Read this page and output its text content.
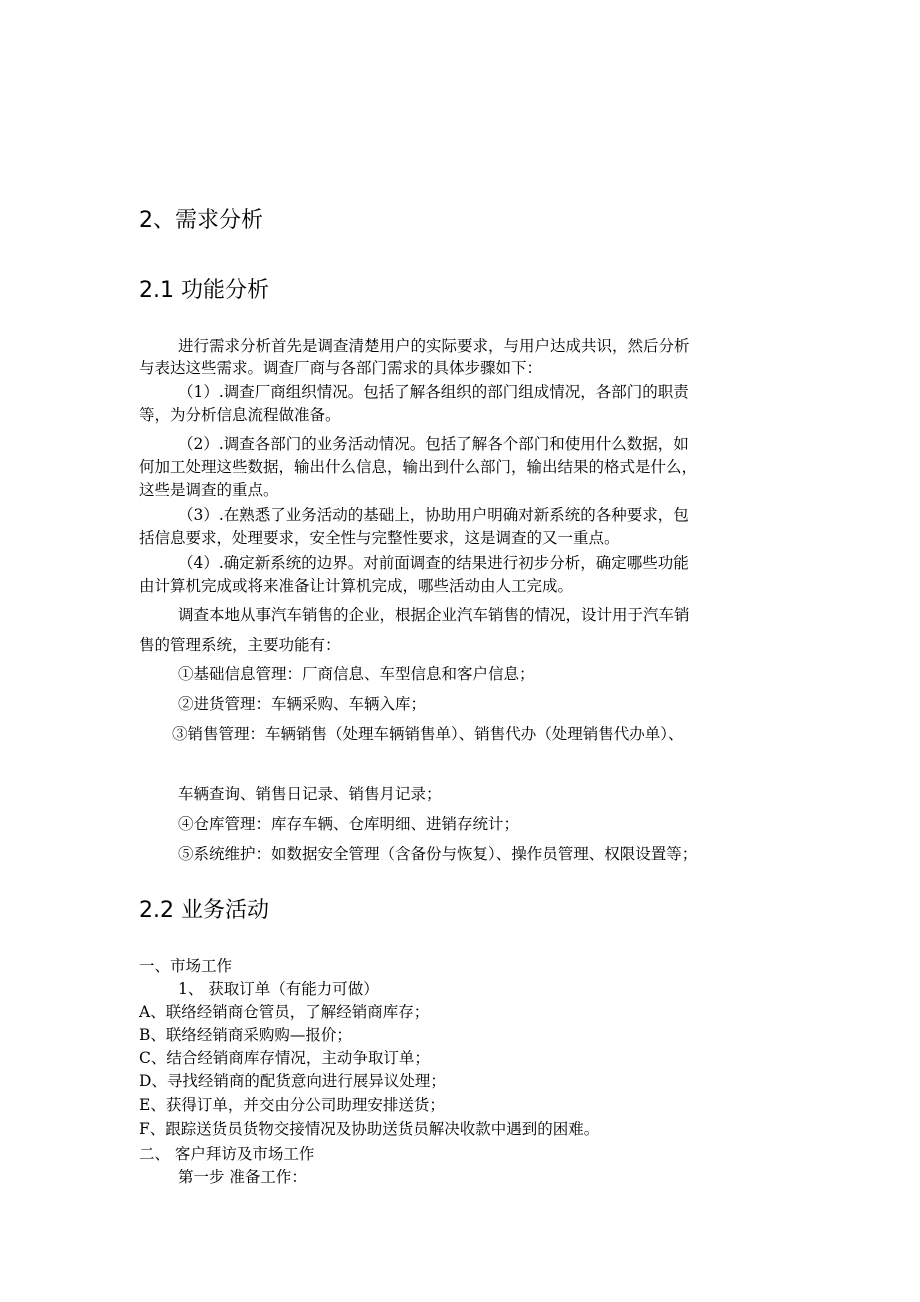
2、需求分析
2.1 功能分析

进行需求分析首先是调查清楚用户的实际要求，与用户达成共识，然后分析

与表达这些需求。调查厂商与各部门需求的具体步骤如下：

（1）.调查厂商组织情况。包括了解各组织的部门组成情况，各部门的职责

等，为分析信息流程做准备。

（2）.调查各部门的业务活动情况。包括了解各个部门和使用什么数据，如

何加工处理这些数据，输出什么信息，输出到什么部门，输出结果的格式是什么，

这些是调查的重点。

（3）.在熟悉了业务活动的基础上，协助用户明确对新系统的各种要求，包

括信息要求，处理要求，安全性与完整性要求，这是调查的又一重点。

（4）.确定新系统的边界。对前面调查的结果进行初步分析，确定哪些功能

由计算机完成或将来准备让计算机完成，哪些活动由人工完成。

调查本地从事汽车销售的企业，根据企业汽车销售的情况，设计用于汽车销

售的管理系统，主要功能有：

①基础信息管理：厂商信息、车型信息和客户信息；

②进货管理：车辆采购、车辆入库；

③销售管理：车辆销售（处理车辆销售单）、销售代办（处理销售代办单）、

车辆查询、销售日记录、销售月记录；

④仓库管理：库存车辆、仓库明细、进销存统计；

⑤系统维护：如数据安全管理（含备份与恢复）、操作员管理、权限设置等；

2.2 业务活动

一、市场工作

1、 获取订单（有能力可做）

A、联络经销商仓管员，了解经销商库存；

B、联络经销商采购购—报价；

C、结合经销商库存情况，主动争取订单；

D、寻找经销商的配货意向进行展异议处理；

E、获得订单，并交由分公司助理安排送货；

F、跟踪送货员货物交接情况及协助送货员解决收款中遇到的困难。

二、 客户拜访及市场工作

第一步 准备工作：
